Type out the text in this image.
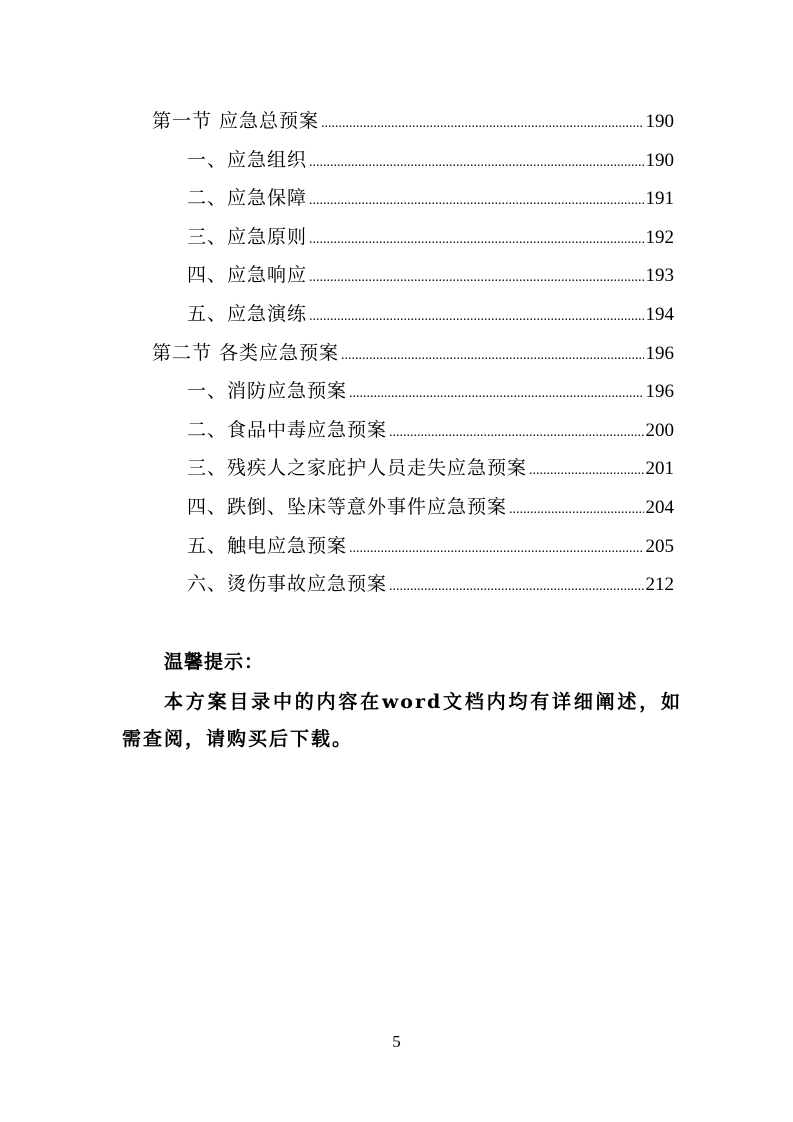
第一节 应急总预案 .....	190
一、应急组织 .....	190
二、应急保障 .....	191
三、应急原则 .....	192
四、应急响应 .....	193
五、应急演练 .....	194
第二节 各类应急预案 .....	196
一、消防应急预案 .....	196
二、食品中毒应急预案 .....	200
三、残疾人之家庇护人员走失应急预案 .....	201
四、跌倒、坠床等意外事件应急预案 .....	204
五、触电应急预案 .....	205
六、烫伤事故应急预案 .....	212
温馨提示：
本方案目录中的内容在word文档内均有详细阐述，如需查阅，请购买后下载。
5
